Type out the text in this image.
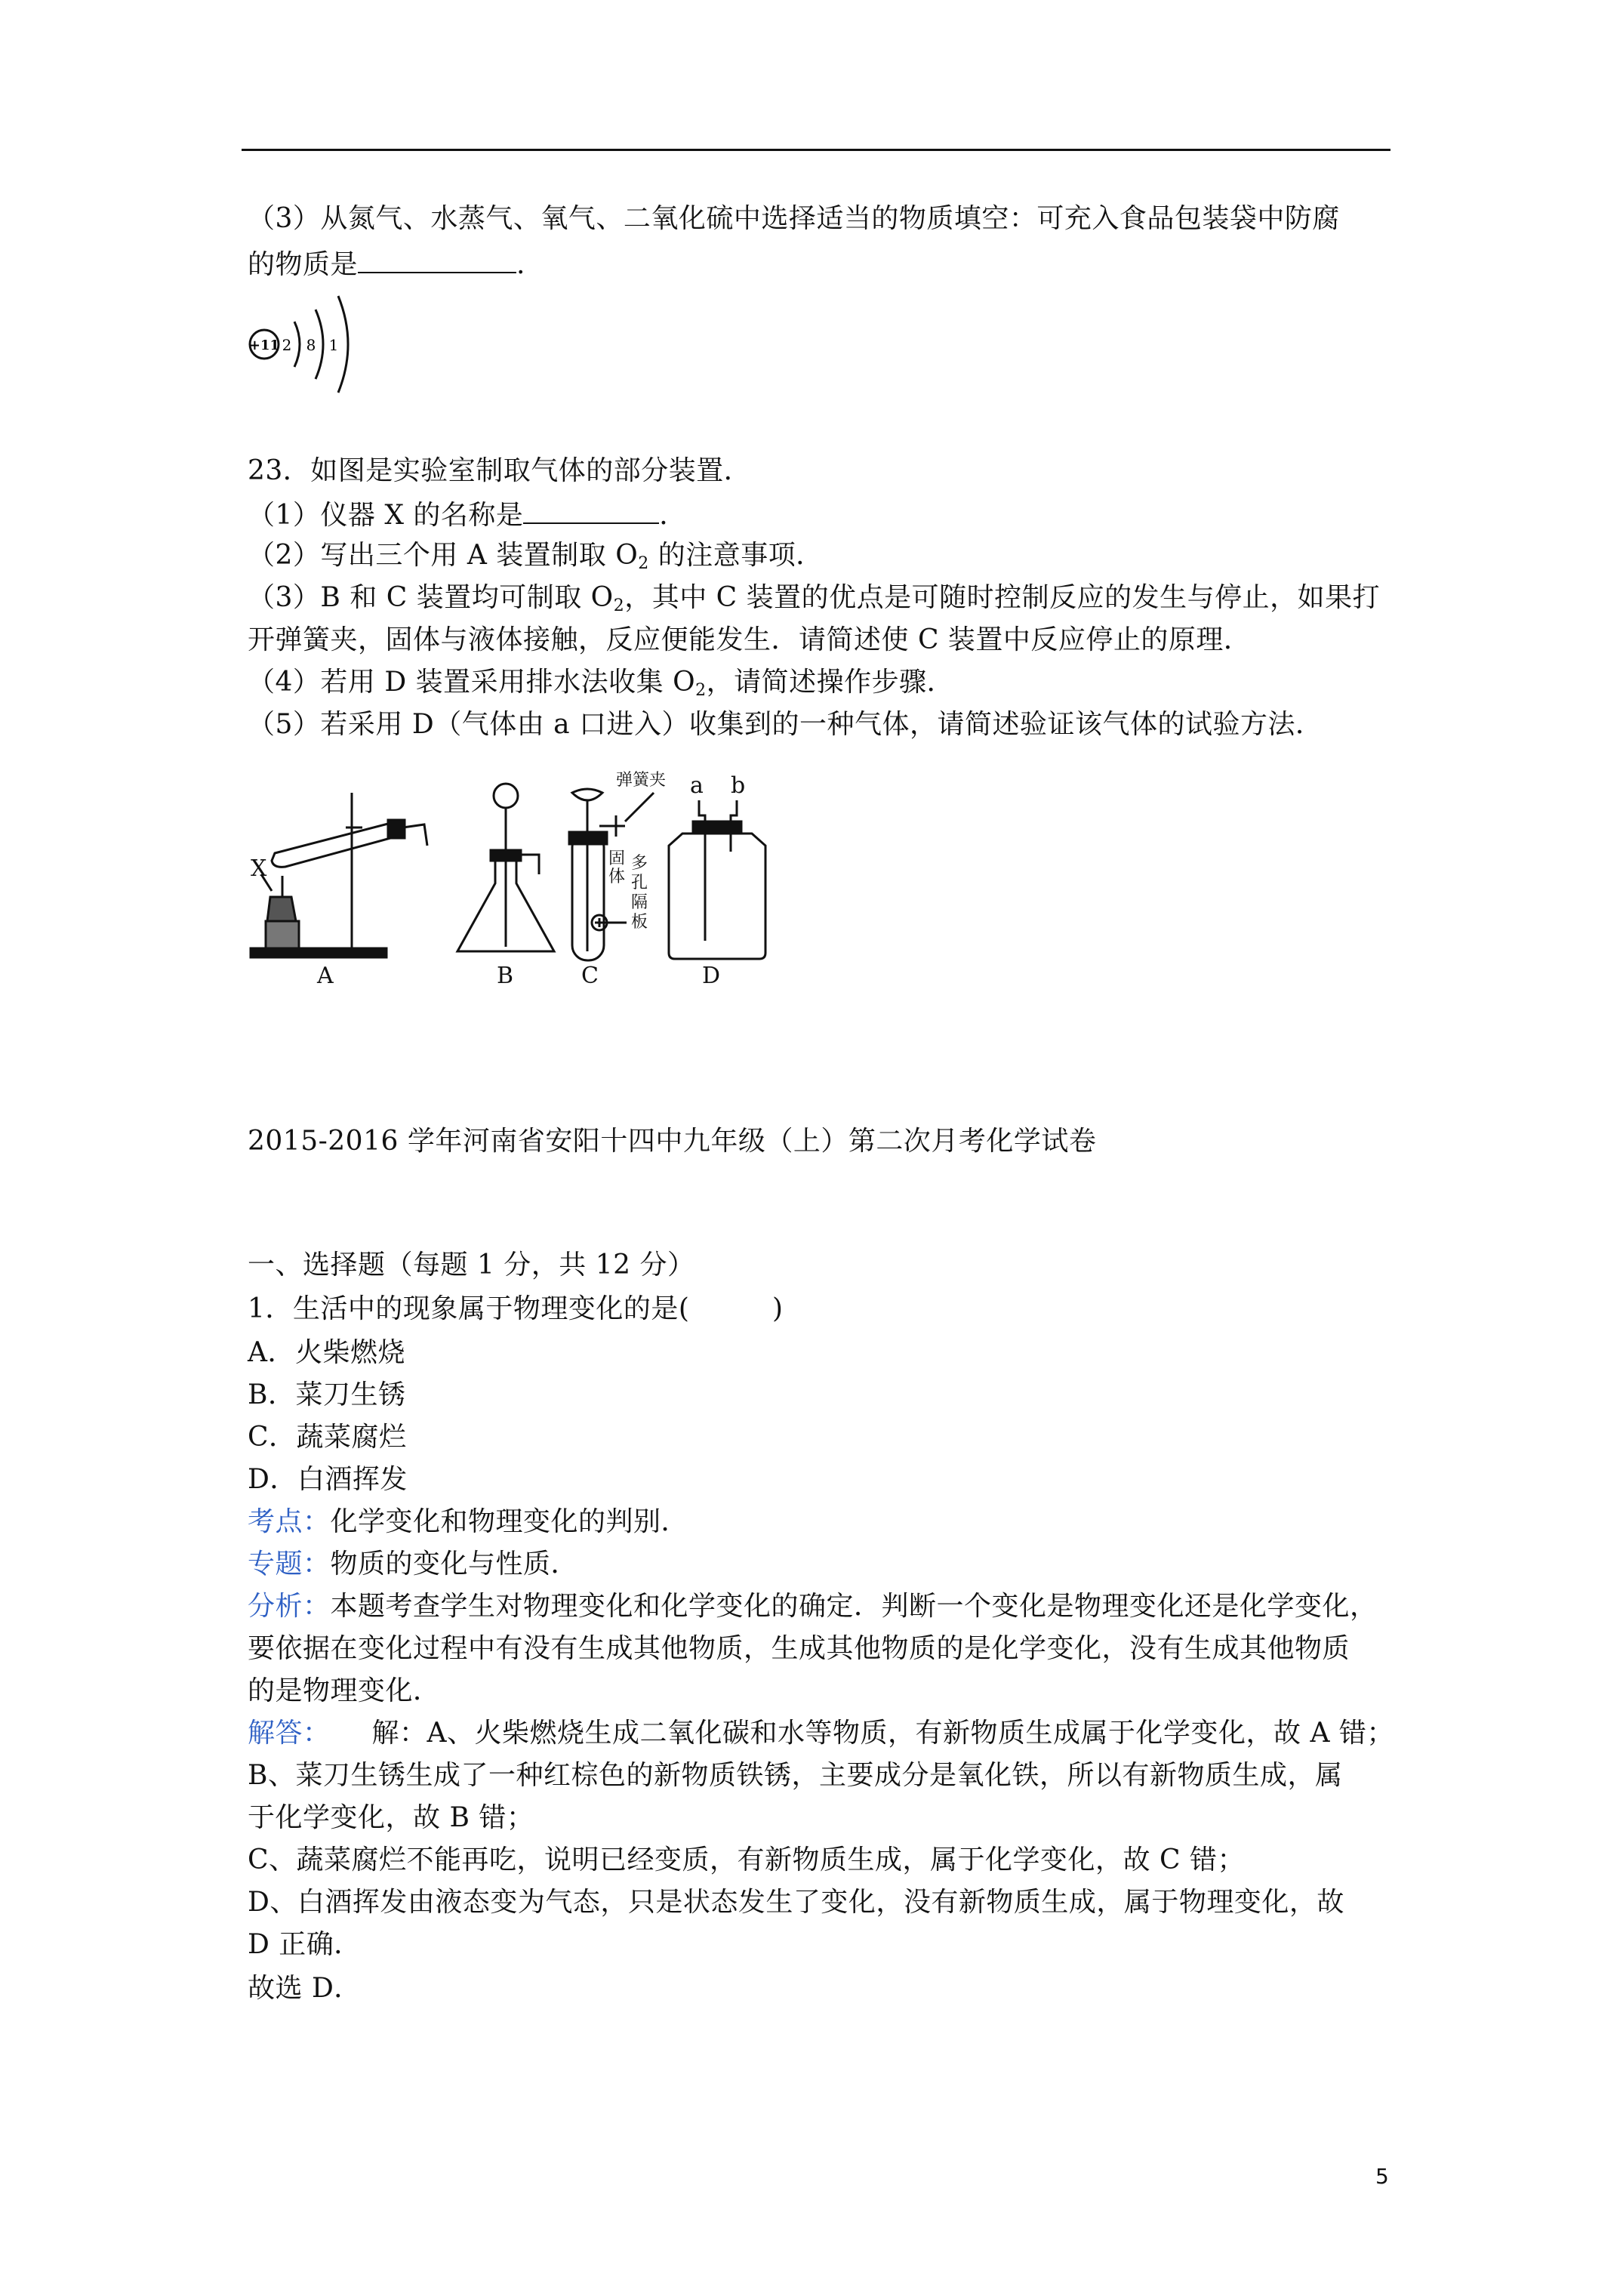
（3）从氮气、水蒸气、氧气、二氧化硫中选择适当的物质填空：可充入食品包装袋中防腐
的物质是	.
+11 2 8 1
23．如图是实验室制取气体的部分装置．
（1）仪器 X 的名称是	．
（2）写出三个用 A 装置制取 $O_2$ 的注意事项．
（3）B 和 C 装置均可制取 $O_2$，其中 C 装置的优点是可随时控制反应的发生与停止，如果打
开弹簧夹，固体与液体接触，反应便能发生．请简述使 C 装置中反应停止的原理．
（4）若用 D 装置采用排水法收集 $O_2$，请简述操作步骤．
（5）若采用 D（气体由 a 口进入）收集到的一种气体，请简述验证该气体的试验方法．
X
A	B	C	D
a b
弹簧夹
固
体
多
孔
隔
板
2015-2016 学年河南省安阳十四中九年级（上）第二次月考化学试卷
一、选择题（每题 1 分，共 12 分）
1．生活中的现象属于物理变化的是(　　　)
A．火柴燃烧
B．菜刀生锈
C．蔬菜腐烂
D．白酒挥发
考点：化学变化和物理变化的判别．
专题：物质的变化与性质．
分析：本题考查学生对物理变化和化学变化的确定．判断一个变化是物理变化还是化学变化，
要依据在变化过程中有没有生成其他物质，生成其他物质的是化学变化，没有生成其他物质
的是物理变化．
解答：　　解：A、火柴燃烧生成二氧化碳和水等物质，有新物质生成属于化学变化，故 A 错；
B、菜刀生锈生成了一种红棕色的新物质铁锈，主要成分是氧化铁，所以有新物质生成，属
于化学变化，故 B 错；
C、蔬菜腐烂不能再吃，说明已经变质，有新物质生成，属于化学变化，故 C 错；
D、白酒挥发由液态变为气态，只是状态发生了变化，没有新物质生成，属于物理变化，故
D 正确．
故选 D．
5
